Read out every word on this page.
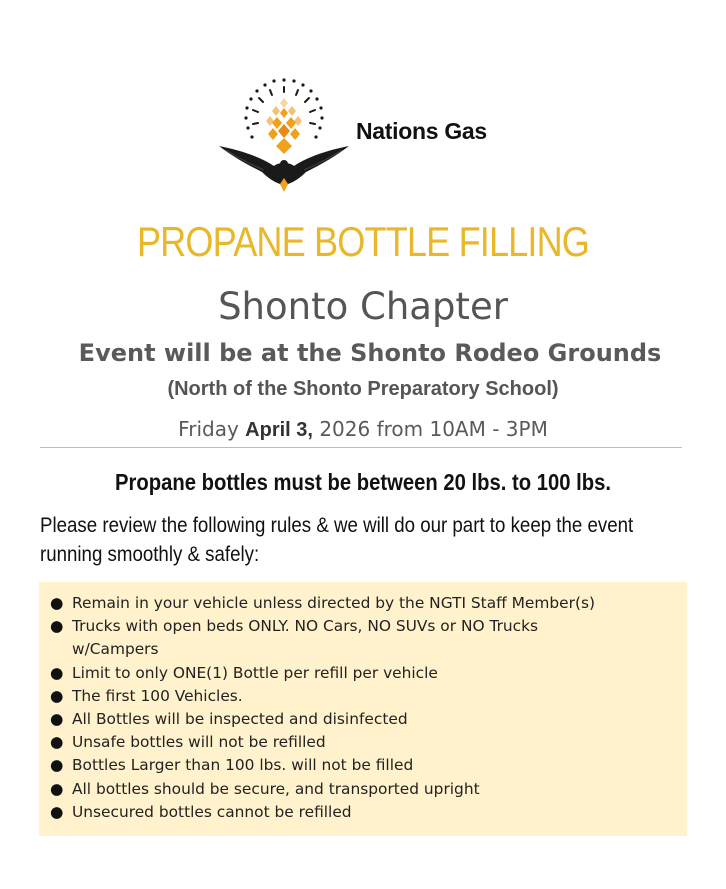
Nations Gas
PROPANE BOTTLE FILLING
Shonto Chapter
Event will be at the Shonto Rodeo Grounds
(North of the Shonto Preparatory School)
Friday April 3, 2026 from 10AM - 3PM
Propane bottles must be between 20 lbs. to 100 lbs.
Please review the following rules & we will do our part to keep the event
running smoothly & safely:
● Remain in your vehicle unless directed by the NGTI Staff Member(s)
● Trucks with open beds ONLY. NO Cars, NO SUVs or NO Trucks w/Campers
● Limit to only ONE(1) Bottle per refill per vehicle
● The first 100 Vehicles.
● All Bottles will be inspected and disinfected
● Unsafe bottles will not be refilled
● Bottles Larger than 100 lbs. will not be filled
● All bottles should be secure, and transported upright
● Unsecured bottles cannot be refilled
